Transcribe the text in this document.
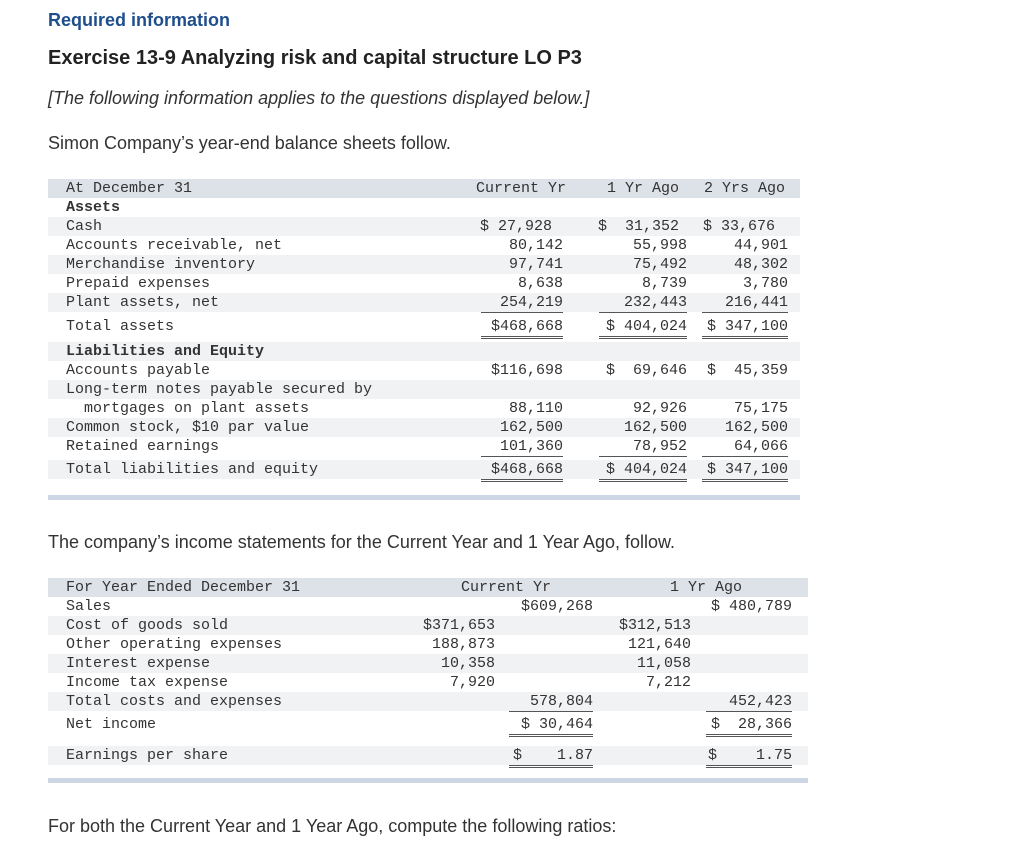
Required information
Exercise 13-9 Analyzing risk and capital structure LO P3
[The following information applies to the questions displayed below.]
Simon Company’s year-end balance sheets follow.
At December 31	Current Yr	1 Yr Ago 2 Yrs Ago
Assets
Cash	$ 27,928	$  31,352 $ 33,676
Accounts receivable, net	80,142	55,998	44,901
Merchandise inventory	97,741	75,492	48,302
Prepaid expenses	8,638	8,739	3,780
Plant assets, net	254,219	232,443	216,441
Total assets	$468,668	$ 404,024	$ 347,100
Liabilities and Equity
Accounts payable	$116,698	$  69,646 $  45,359
Long-term notes payable secured by
mortgages on plant assets	88,110	92,926	75,175
Common stock, $10 par value	162,500	162,500	162,500
Retained earnings	101,360	78,952	64,066
Total liabilities and equity	$468,668	$ 404,024	$ 347,100
The company’s income statements for the Current Year and 1 Year Ago, follow.
For Year Ended December 31	Current Yr	1 Yr Ago
Sales	$609,268	$ 480,789
Cost of goods sold	$371,653	$312,513
Other operating expenses	188,873	121,640
Interest expense	10,358	11,058
Income tax expense	7,920	7,212
Total costs and expenses	578,804	452,423
Net income	$ 30,464	$  28,366
Earnings per share	$	1.87	$	1.75
For both the Current Year and 1 Year Ago, compute the following ratios:
